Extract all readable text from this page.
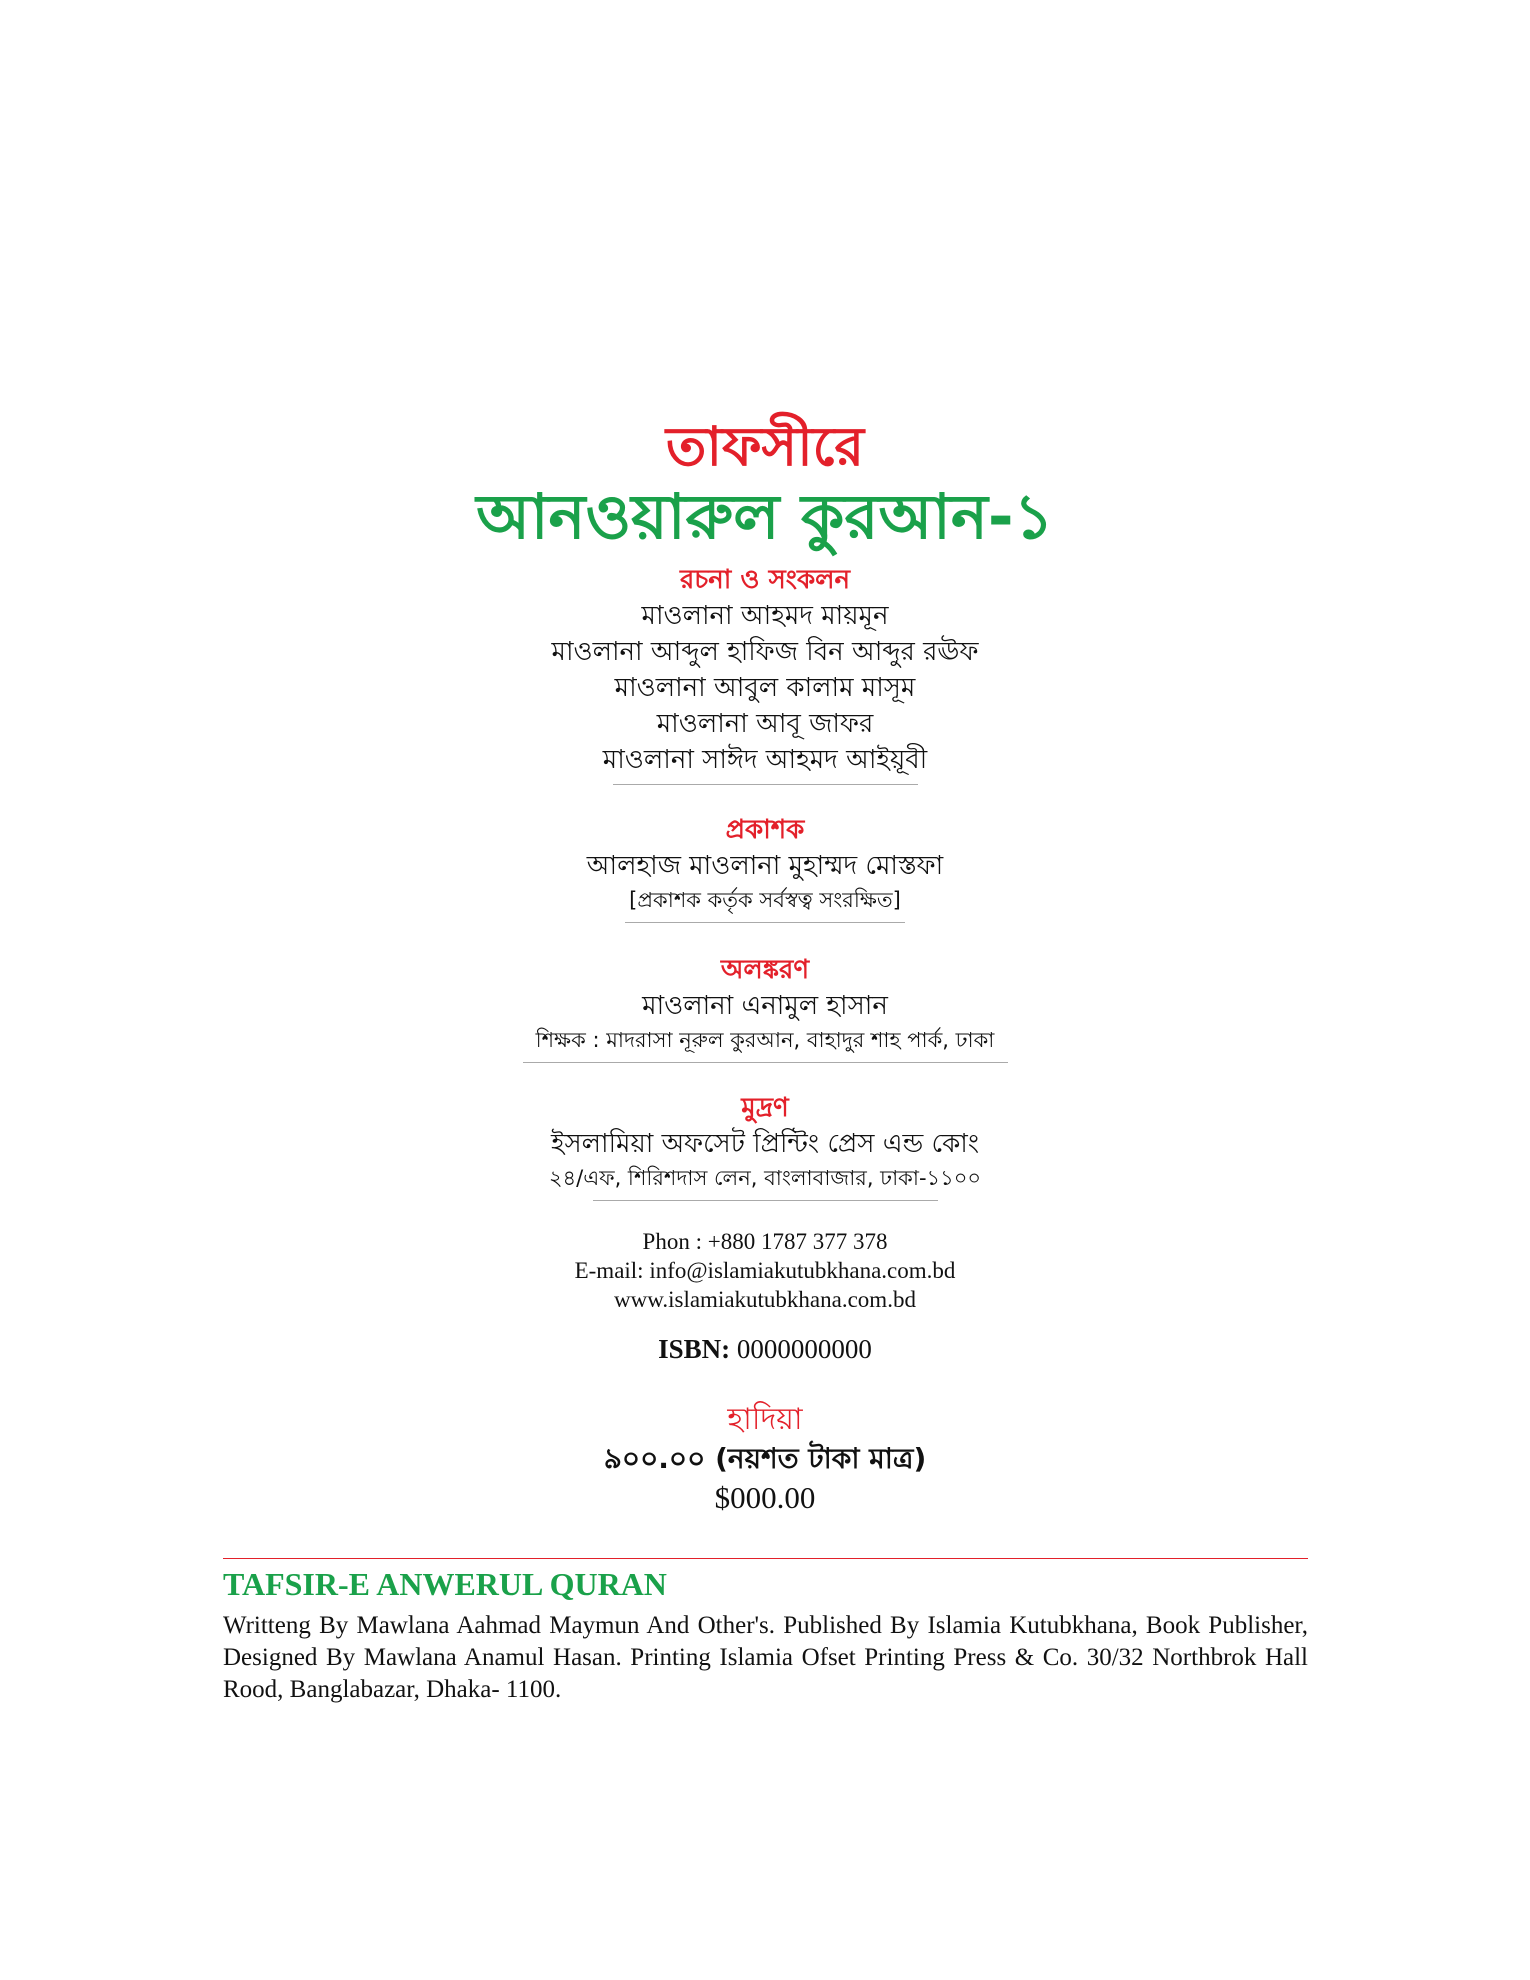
তাফসীরে
আনওয়ারুল কুরআন-১
রচনা ও সংকলন
মাওলানা আহমদ মায়মূন
মাওলানা আব্দুল হাফিজ বিন আব্দুর রঊফ
মাওলানা আবুল কালাম মাসূম
মাওলানা আবূ জাফর
মাওলানা সাঈদ আহমদ আইয়ূবী
প্রকাশক
আলহাজ মাওলানা মুহাম্মদ মোস্তফা
[প্রকাশক কর্তৃক সর্বস্বত্ব সংরক্ষিত]
অলঙ্করণ
মাওলানা এনামুল হাসান
শিক্ষক : মাদরাসা নূরুল কুরআন, বাহাদুর শাহ পার্ক, ঢাকা
মুদ্রণ
ইসলামিয়া অফসেট প্রিন্টিং প্রেস এন্ড কোং
২৪/এফ, শিরিশদাস লেন, বাংলাবাজার, ঢাকা-১১০০
Phon : +880 1787 377 378
E-mail: info@islamiakutubkhana.com.bd
www.islamiakutubkhana.com.bd
ISBN: 0000000000
হাদিয়া
৯০০.০০ (নয়শত টাকা মাত্র)
$000.00
TAFSIR-E ANWERUL QURAN
Writteng By Mawlana Aahmad Maymun And Other's. Published By Islamia Kutubkhana, Book Publisher, Designed By Mawlana Anamul Hasan. Printing Islamia Ofset Printing Press & Co. 30/32 Northbrok Hall Rood, Banglabazar, Dhaka- 1100.
